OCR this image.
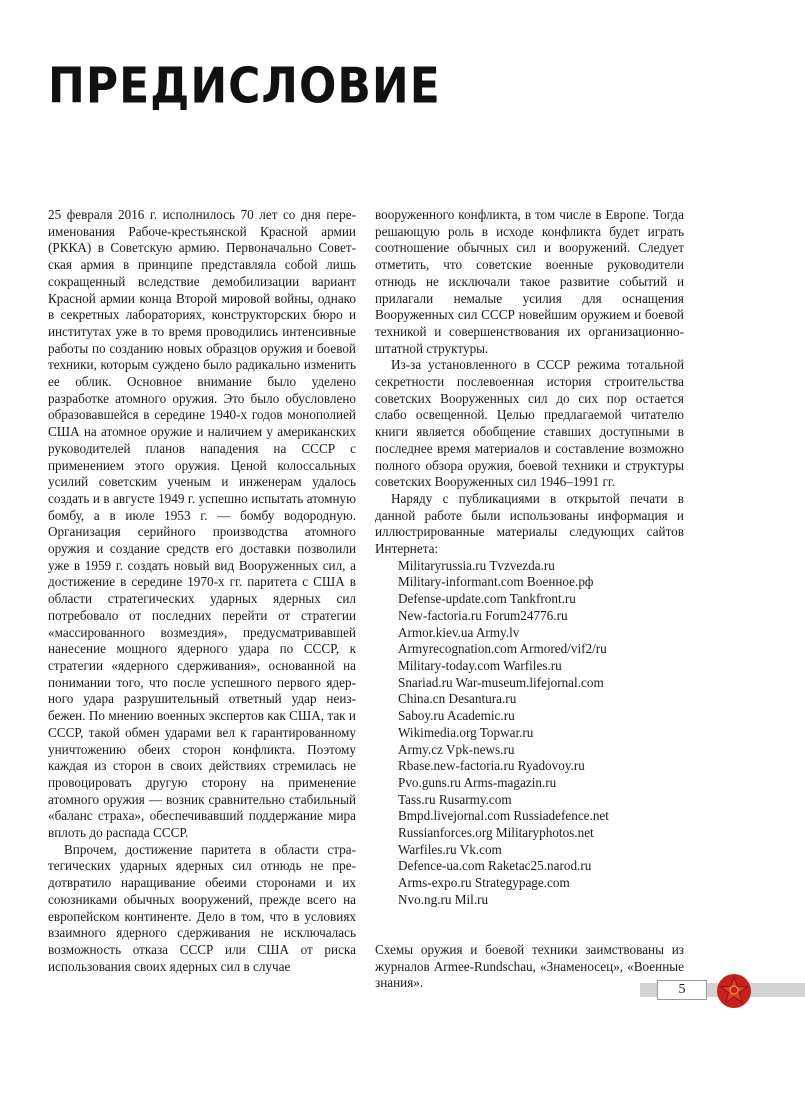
ПРЕДИСЛОВИЕ

25 февраля 2016 г. исполнилось 70 лет со дня переименования Рабоче-крестьянской Красной армии (РККА) в Советскую армию. Первоначально Советская армия в принципе представляла собой лишь сокращенный вследствие демобилизации вариант Красной армии конца Второй мировой войны, однако в секретных лабораториях, конструкторских бюро и институтах уже в то время проводились интенсивные работы по созданию новых образцов оружия и боевой техники, которым суждено было радикально изменить ее облик. Основное внимание было уделено разработке атомного оружия. Это было обусловлено образовавшейся в середине 1940-х годов монополией США на атомное оружие и наличием у американских руководителей планов нападения на СССР с применением этого оружия. Ценой колоссальных усилий советским ученым и инженерам удалось создать и в августе 1949 г. успешно испытать атомную бомбу, а в июле 1953 г. — бомбу водородную. Организация серийного производства атомного оружия и создание средств его доставки позволили уже в 1959 г. создать новый вид Вооруженных сил, а достижение в середине 1970-х гг. паритета с США в области стратегических ударных ядерных сил потребовало от последних перейти от стратегии «массированного возмездия», предусматривавшей нанесение мощного ядерного удара по СССР, к стратегии «ядерного сдерживания», основанной на понимании того, что после успешного первого ядерного удара разрушительный ответный удар неизбежен. По мнению военных экспертов как США, так и СССР, такой обмен ударами вел к гарантированному уничтожению обеих сторон конфликта. Поэтому каждая из сторон в своих действиях стремилась не провоцировать другую сторону на применение атомного оружия — возник сравнительно стабильный «баланс страха», обеспечивавший поддержание мира вплоть до распада СССР.

Впрочем, достижение паритета в области стратегических ударных ядерных сил отнюдь не предотвратило наращивание обеими сторонами и их союзниками обычных вооружений, прежде всего на европейском континенте. Дело в том, что в условиях взаимного ядерного сдерживания не исключалась возможность отказа СССР или США от риска использования своих ядерных сил в случае

вооруженного конфликта, в том числе в Европе. Тогда решающую роль в исходе конфликта будет играть соотношение обычных сил и вооружений. Следует отметить, что советские военные руководители отнюдь не исключали такое развитие событий и прилагали немалые усилия для оснащения Вооруженных сил СССР новейшим оружием и боевой техникой и совершенствования их организационно-штатной структуры.

Из-за установленного в СССР режима тотальной секретности послевоенная история строительства советских Вооруженных сил до сих пор остается слабо освещенной. Целью предлагаемой читателю книги является обобщение ставших доступными в последнее время материалов и составление возможно полного обзора оружия, боевой техники и структуры советских Вооруженных сил 1946–1991 гг.

Наряду с публикациями в открытой печати в данной работе были использованы информация и иллюстрированные материалы следующих сайтов Интернета:

Militaryrussia.ru Tvzvezda.ru
Military-informant.com Военное.рф
Defense-update.com Tankfront.ru
New-factoria.ru Forum24776.ru
Armor.kiev.ua Army.lv
Armyrecognation.com Armored/vif2/ru
Military-today.com Warfiles.ru
Snariad.ru War-museum.lifejornal.com
China.cn Desantura.ru
Saboy.ru Academic.ru
Wikimedia.org Topwar.ru
Army.cz Vpk-news.ru
Rbase.new-factoria.ru Ryadovoy.ru
Pvo.guns.ru Arms-magazin.ru
Tass.ru Rusarmy.com
Bmpd.livejornal.com Russiadefence.net
Russianforces.org Militaryphotos.net
Warfiles.ru Vk.com
Defence-ua.com Raketac25.narod.ru
Arms-expo.ru Strategypage.com
Nvo.ng.ru Mil.ru

Схемы оружия и боевой техники заимствованы из журналов Armee-Rundschau, «Знаменосец», «Военные знания».	5
